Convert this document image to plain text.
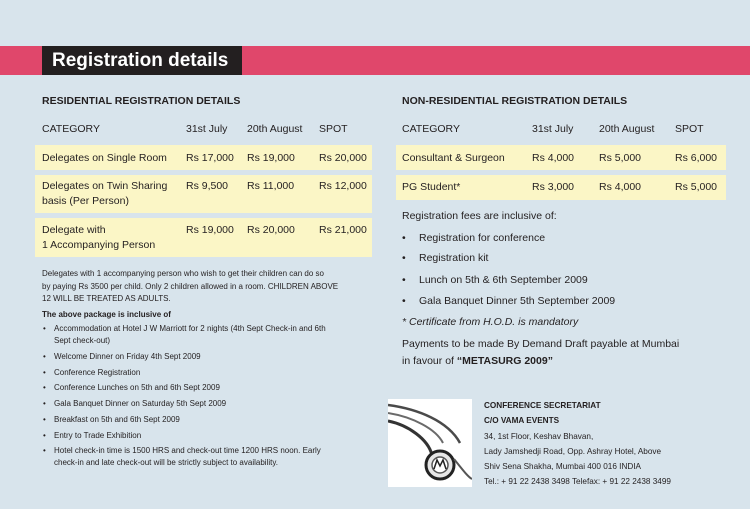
Registration details
RESIDENTIAL REGISTRATION DETAILS
CATEGORY	31st July 20th August SPOT
Delegates on Single Room Rs 17,000 Rs 19,000 Rs 20,000
Delegates on Twin Sharing
basis (Per Person)
Rs 9,500 Rs 11,000 Rs 12,000
Delegate with
1 Accompanying Person
Rs 19,000 Rs 20,000 Rs 21,000
Delegates with 1 accompanying person who wish to get their children can do so
by paying Rs 3500 per child. Only 2 children allowed in a room. CHILDREN ABOVE
12 WILL BE TREATED AS ADULTS.
The above package is inclusive of
• Accommodation at Hotel J W Marriott for 2 nights (4th Sept Check-in and 6th
Sept check-out)
• Welcome Dinner on Friday 4th Sept 2009
• Conference Registration
• Conference Lunches on 5th and 6th Sept 2009
• Gala Banquet Dinner on Saturday 5th Sept 2009
• Breakfast on 5th and 6th Sept 2009
• Entry to Trade Exhibition
• Hotel check-in time is 1500 HRS and check-out time 1200 HRS noon. Early
check-in and late check-out will be strictly subject to availability.
NON-RESIDENTIAL REGISTRATION DETAILS
CATEGORY	31st July 20th August SPOT
Consultant & Surgeon	Rs 4,000 Rs 5,000	Rs 6,000
PG Student*	Rs 3,000 Rs 4,000	Rs 5,000
Registration fees are inclusive of:
• Registration for conference
• Registration kit
• Lunch on 5th & 6th September 2009
• Gala Banquet Dinner 5th September 2009
* Certificate from H.O.D. is mandatory
Payments to be made By Demand Draft payable at Mumbai
in favour of “METASURG 2009”
CONFERENCE SECRETARIAT
C/O VAMA EVENTS
34, 1st Floor, Keshav Bhavan,
Lady Jamshedji Road, Opp. Ashray Hotel, Above
Shiv Sena Shakha, Mumbai 400 016 INDIA
Tel.: + 91 22 2438 3498 Telefax: + 91 22 2438 3499
